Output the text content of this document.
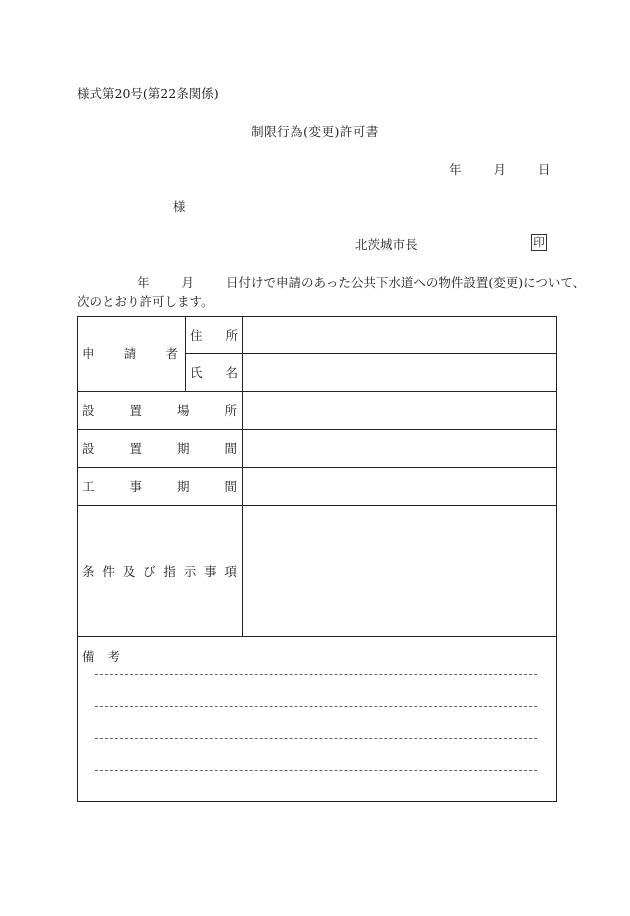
様式第20号(第22条関係)
制限行為(変更)許可書
年	月	日
様
北茨城市長	印
年	月	日付けで申請のあった公共下水道への物件設置(変更)について、
次のとおり許可します。
申 請 者
住 所
氏 名
設	置	場	所
設	置	期	間
工	事	期	間
条 件 及 び 指 示 事 項
備 考
